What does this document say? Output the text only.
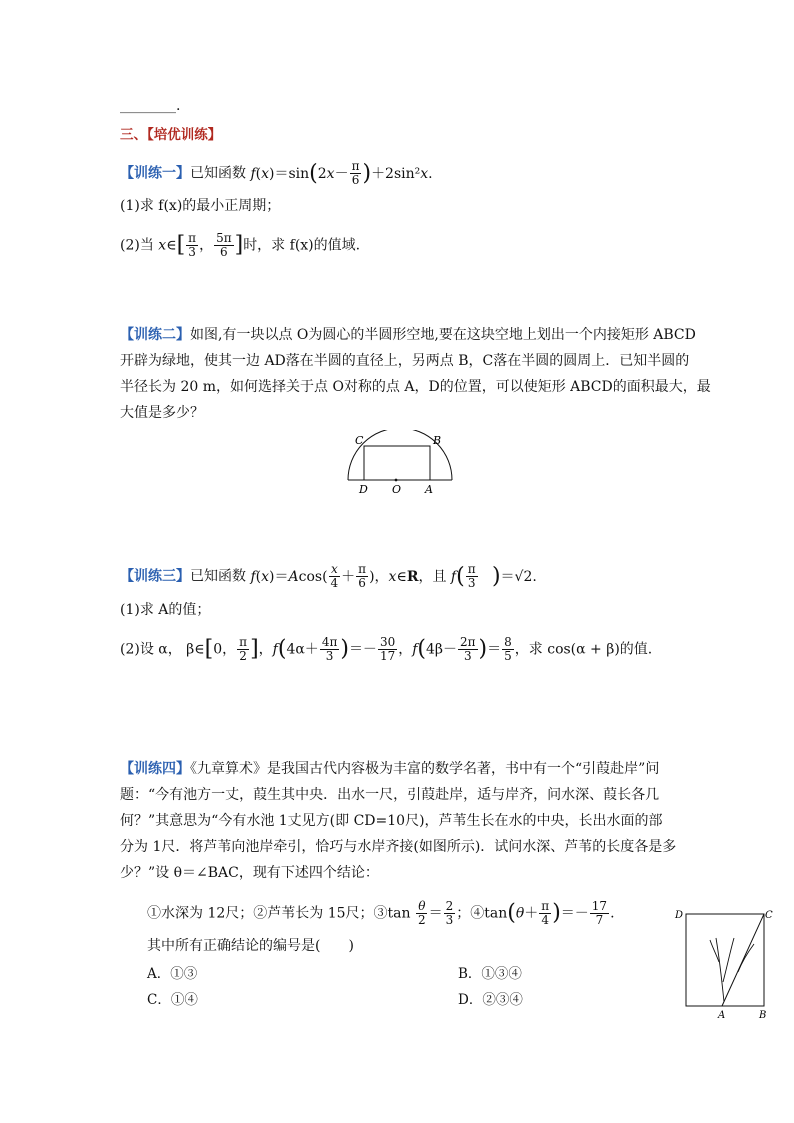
________.
三、【培优训练】
【训练一】已知函数 $f(x)=\sin(2x- \frac{\pi}{6} )+2\sin^2x$.
(1)求 f(x)的最小正周期；
(2)当 x∈[ $\frac{\pi}{3}$ ， $\frac{5\pi}{6}$ ]时，求 f(x)的值域.
【训练二】如图,有一块以点 O为圆心的半圆形空地,要在这块空地上划出一个内接矩形 ABCD
开辟为绿地，使其一边 AD落在半圆的直径上，另两点 B，C落在半圆的圆周上．已知半圆的
半径长为 20 m，如何选择关于点 O对称的点 A，D的位置，可以使矩形 ABCD的面积最大，最
大值是多少？
C	B
D O A
【训练三】已知函数 $f(x)=Acos( \frac{x}{4} + \frac{\pi}{6}$ )，x∈R，且 $f( \frac{\pi}{3} )=√2$.
(1)求 A的值；
(2)设 α， β∈[0， $\frac{\pi}{2}$ ]，$f(4\alpha+ \frac{4\pi}{3}$ )＝－ $\frac{30}{17}$ ，$f(4\beta- \frac{2\pi}{3}$ )＝ $\frac{8}{5}$ ，求 cos(α + β)的值.
【训练四】《九章算术》是我国古代内容极为丰富的数学名著，书中有一个“引葭赴岸”问
题：“今有池方一丈，葭生其中央．出水一尺，引葭赴岸，适与岸齐，问水深、葭长各几
何？”其意思为“今有水池 1丈见方(即 CD=10尺)，芦苇生长在水的中央，长出水面的部
分为 1尺．将芦苇向池岸牵引，恰巧与水岸齐接(如图所示)．试问水深、芦苇的长度各是多
少？”设 θ＝∠BAC，现有下述四个结论：
①水深为 12尺；②芦苇长为 15尺；③tan $\frac{\theta}{2} = \frac{2}{3}$ ；④tan(θ＋ $\frac{\pi}{4}$ )＝－ $\frac{17}{7}$ .
其中所有正确结论的编号是(　　)
A．①③	B．①③④
C．①④	D．②③④
D	C
A	B
